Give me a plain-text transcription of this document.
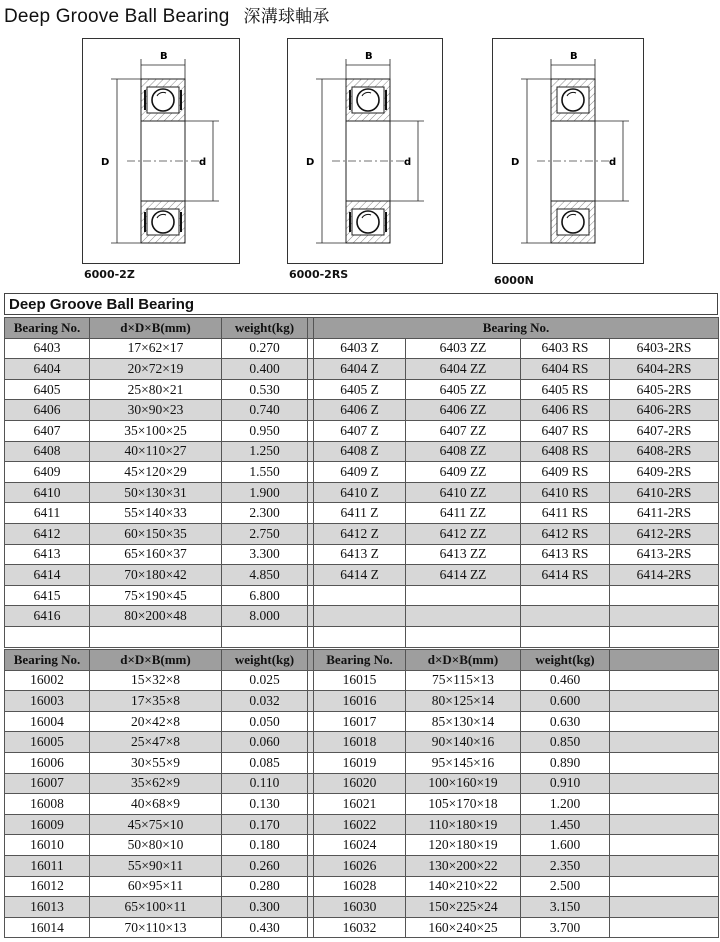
Deep Groove Ball Bearing 深溝球軸承
B
D	d
6000-2Z
B
D	d
6000-2RS
B
D	d
6000N
Deep Groove Ball Bearing
Bearing No.	d×D×B(mm)	weight(kg)		Bearing No.			
6403	17×62×17	0.270		6403 Z	6403 ZZ	6403 RS	6403-2RS
6404	20×72×19	0.400		6404 Z	6404 ZZ	6404 RS	6404-2RS
6405	25×80×21	0.530		6405 Z	6405 ZZ	6405 RS	6405-2RS
6406	30×90×23	0.740		6406 Z	6406 ZZ	6406 RS	6406-2RS
6407	35×100×25	0.950		6407 Z	6407 ZZ	6407 RS	6407-2RS
6408	40×110×27	1.250		6408 Z	6408 ZZ	6408 RS	6408-2RS
6409	45×120×29	1.550		6409 Z	6409 ZZ	6409 RS	6409-2RS
6410	50×130×31	1.900		6410 Z	6410 ZZ	6410 RS	6410-2RS
6411	55×140×33	2.300		6411 Z	6411 ZZ	6411 RS	6411-2RS
6412	60×150×35	2.750		6412 Z	6412 ZZ	6412 RS	6412-2RS
6413	65×160×37	3.300		6413 Z	6413 ZZ	6413 RS	6413-2RS
6414	70×180×42	4.850		6414 Z	6414 ZZ	6414 RS	6414-2RS
6415	75×190×45	6.800					
6416	80×200×48	8.000					

Bearing No.	d×D×B(mm)	weight(kg)		Bearing No.	d×D×B(mm)	weight(kg)	
16002	15×32×8	0.025		16015	75×115×13	0.460	
16003	17×35×8	0.032		16016	80×125×14	0.600	
16004	20×42×8	0.050		16017	85×130×14	0.630	
16005	25×47×8	0.060		16018	90×140×16	0.850	
16006	30×55×9	0.085		16019	95×145×16	0.890	
16007	35×62×9	0.110		16020	100×160×19	0.910	
16008	40×68×9	0.130		16021	105×170×18	1.200	
16009	45×75×10	0.170		16022	110×180×19	1.450	
16010	50×80×10	0.180		16024	120×180×19	1.600	
16011	55×90×11	0.260		16026	130×200×22	2.350	
16012	60×95×11	0.280		16028	140×210×22	2.500	
16013	65×100×11	0.300		16030	150×225×24	3.150	
16014	70×110×13	0.430		16032	160×240×25	3.700	
